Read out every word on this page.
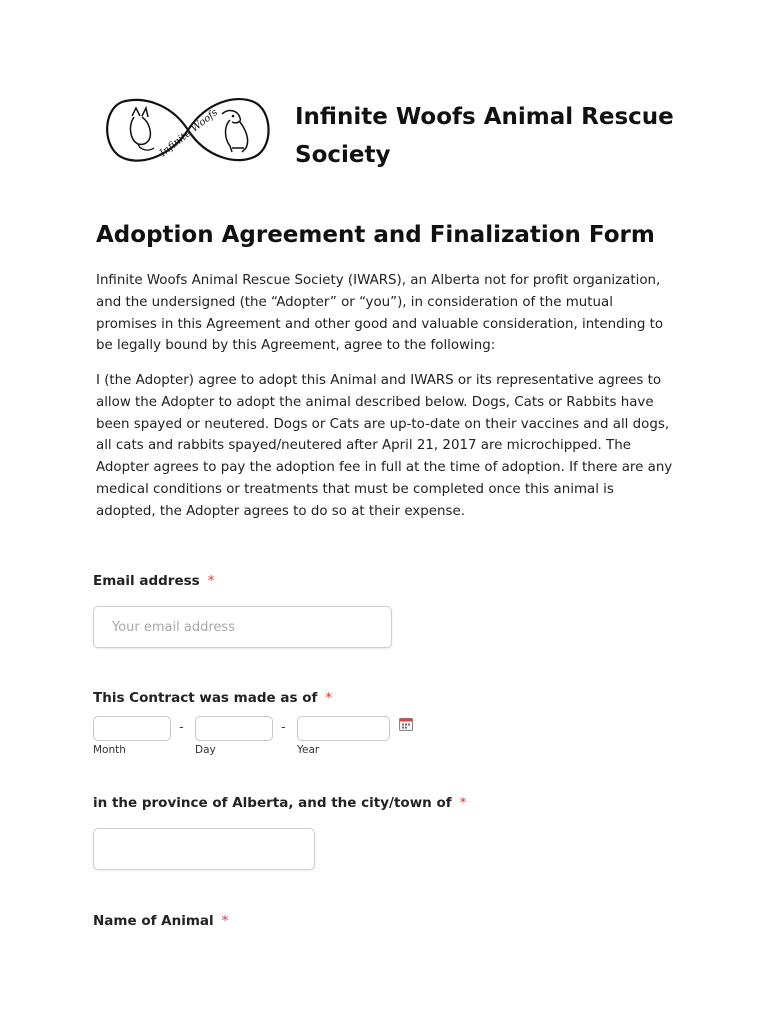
Infinite Woofs	Infinite Woofs Animal Rescue Society
Adoption Agreement and Finalization Form
Infinite Woofs Animal Rescue Society (IWARS), an Alberta not for profit organization, and the undersigned (the “Adopter” or “you”), in consideration of the mutual promises in this Agreement and other good and valuable consideration, intending to be legally bound by this Agreement, agree to the following:
I (the Adopter) agree to adopt this Animal and IWARS or its representative agrees to allow the Adopter to adopt the animal described below. Dogs, Cats or Rabbits have been spayed or neutered. Dogs or Cats are up-to-date on their vaccines and all dogs, all cats and rabbits spayed/neutered after April 21, 2017 are microchipped. The Adopter agrees to pay the adoption fee in full at the time of adoption. If there are any medical conditions or treatments that must be completed once this animal is adopted, the Adopter agrees to do so at their expense.
Email address *
Your email address
This Contract was made as of *
-	-
Month	Day	Year
in the province of Alberta, and the city/town of *
Name of Animal *
